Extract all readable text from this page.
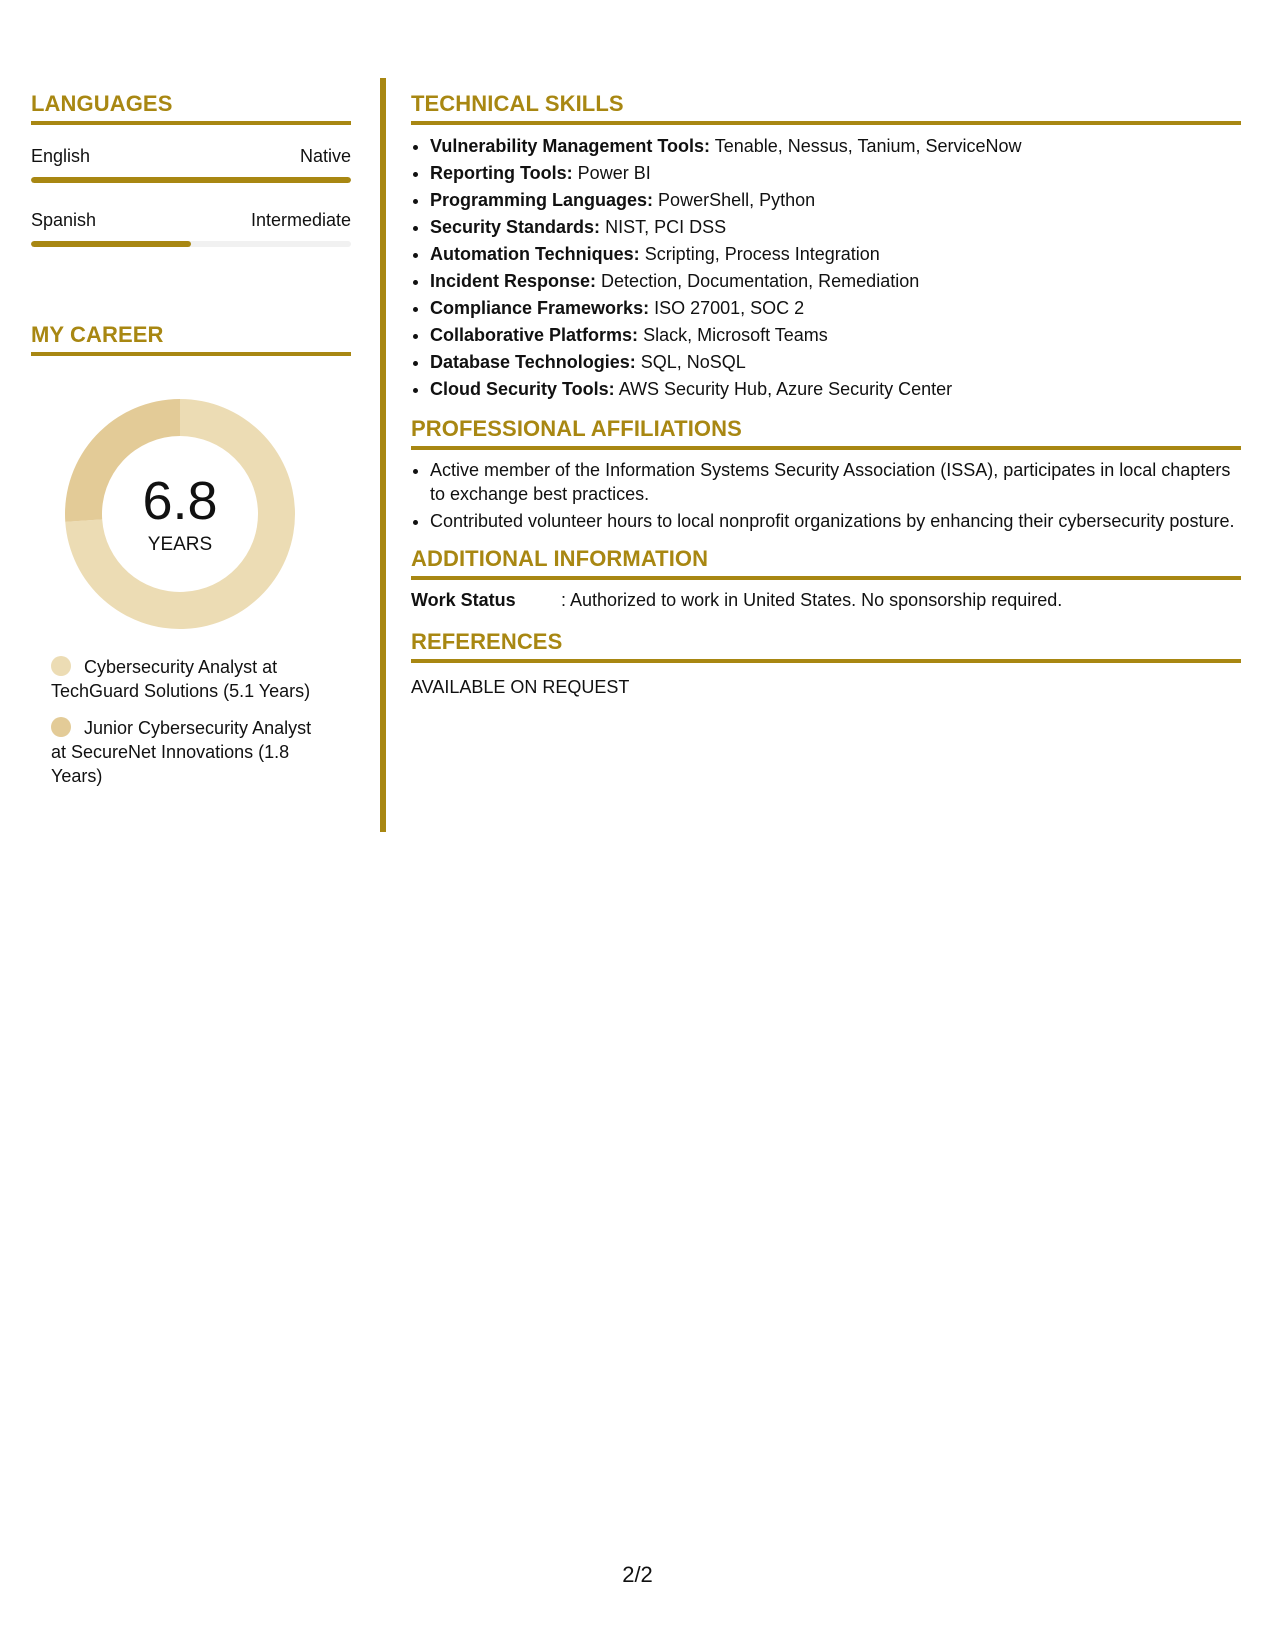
LANGUAGES
English	Native
Spanish	Intermediate
MY CAREER
6.8
YEARS
Cybersecurity Analyst at TechGuard Solutions (5.1 Years)
Junior Cybersecurity Analyst at SecureNet Innovations (1.8 Years)
TECHNICAL SKILLS
• Vulnerability Management Tools: Tenable, Nessus, Tanium, ServiceNow
• Reporting Tools: Power BI
• Programming Languages: PowerShell, Python
• Security Standards: NIST, PCI DSS
• Automation Techniques: Scripting, Process Integration
• Incident Response: Detection, Documentation, Remediation
• Compliance Frameworks: ISO 27001, SOC 2
• Collaborative Platforms: Slack, Microsoft Teams
• Database Technologies: SQL, NoSQL
• Cloud Security Tools: AWS Security Hub, Azure Security Center
PROFESSIONAL AFFILIATIONS
• Active member of the Information Systems Security Association (ISSA), participates in local chapters to exchange best practices.
• Contributed volunteer hours to local nonprofit organizations by enhancing their cybersecurity posture.
ADDITIONAL INFORMATION
Work Status	: Authorized to work in United States. No sponsorship required.
REFERENCES
AVAILABLE ON REQUEST
2/2
